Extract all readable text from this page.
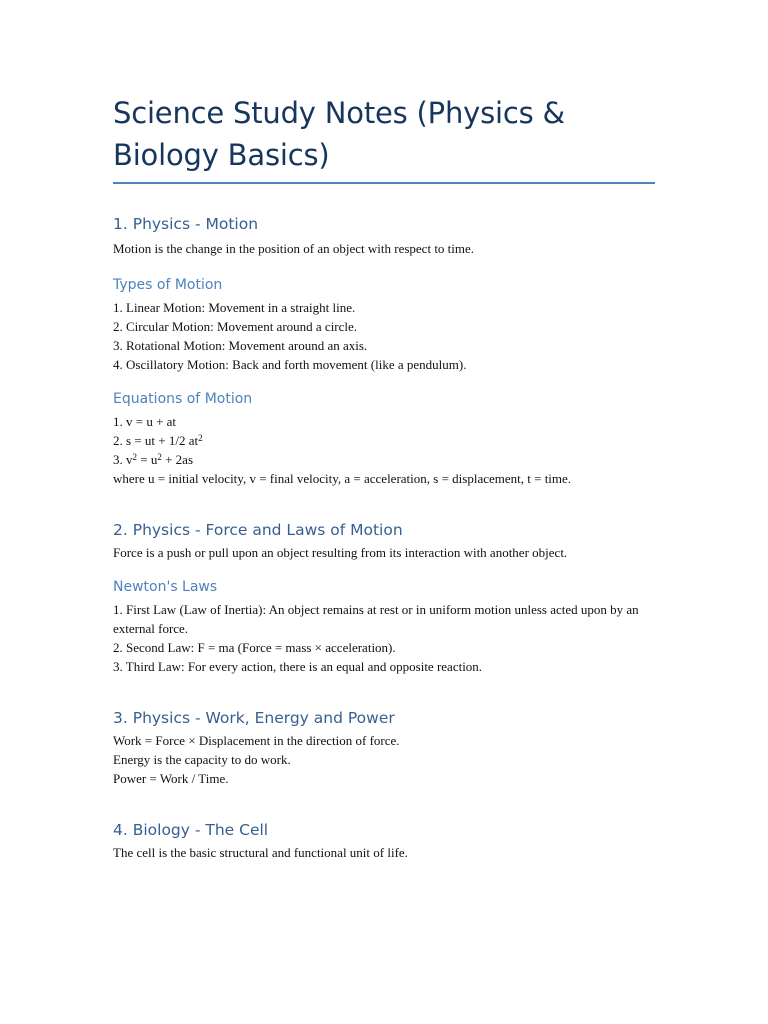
Science Study Notes (Physics & Biology Basics)
1. Physics - Motion

Motion is the change in the position of an object with respect to time.

Types of Motion

1. Linear Motion: Movement in a straight line.

2. Circular Motion: Movement around a circle.

3. Rotational Motion: Movement around an axis.

4. Oscillatory Motion: Back and forth movement (like a pendulum).

Equations of Motion

1. v = u + at

2. s = ut + 1/2 $at^2$

3. $v^2 = u^2 + 2as$

where u = initial velocity, v = final velocity, a = acceleration, s = displacement, t = time.

2. Physics - Force and Laws of Motion

Force is a push or pull upon an object resulting from its interaction with another object.

Newton's Laws

1. First Law (Law of Inertia): An object remains at rest or in uniform motion unless acted upon by an external force.

2. Second Law: F = ma (Force = mass × acceleration).

3. Third Law: For every action, there is an equal and opposite reaction.

3. Physics - Work, Energy and Power

Work = Force × Displacement in the direction of force.

Energy is the capacity to do work.

Power = Work / Time.

4. Biology - The Cell

The cell is the basic structural and functional unit of life.
